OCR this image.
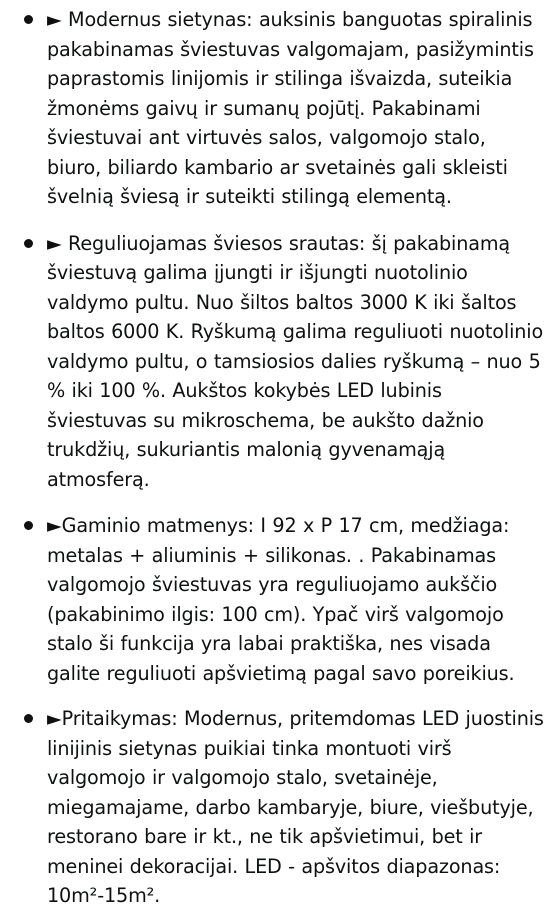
► Modernus sietynas: auksinis banguotas spiralinis pakabinamas šviestuvas valgomajam, pasižymintis paprastomis linijomis ir stilinga išvaizda, suteikia žmonėms gaivų ir sumanų pojūtį. Pakabinami šviestuvai ant virtuvės salos, valgomojo stalo, biuro, biliardo kambario ar svetainės gali skleisti švelnią šviesą ir suteikti stilingą elementą.
► Reguliuojamas šviesos srautas: šį pakabinamą šviestuvą galima įjungti ir išjungti nuotolinio valdymo pultu. Nuo šiltos baltos 3000 K iki šaltos baltos 6000 K. Ryškumą galima reguliuoti nuotolinio valdymo pultu, o tamsiosios dalies ryškumą – nuo 5 % iki 100 %. Aukštos kokybės LED lubinis šviestuvas su mikroschema, be aukšto dažnio trukdžių, sukuriantis malonią gyvenamąją atmosferą.
►Gaminio matmenys: I 92 x P 17 cm, medžiaga: metalas + aliuminis + silikonas. . Pakabinamas valgomojo šviestuvas yra reguliuojamo aukščio (pakabinimo ilgis: 100 cm). Ypač virš valgomojo stalo ši funkcija yra labai praktiška, nes visada galite reguliuoti apšvietimą pagal savo poreikius.
►Pritaikymas: Modernus, pritemdomas LED juostinis linijinis sietynas puikiai tinka montuoti virš valgomojo ir valgomojo stalo, svetainėje, miegamajame, darbo kambaryje, biure, viešbutyje, restorano bare ir kt., ne tik apšvietimui, bet ir meninei dekoracijai. LED - apšvitos diapazonas: 10m²-15m².
